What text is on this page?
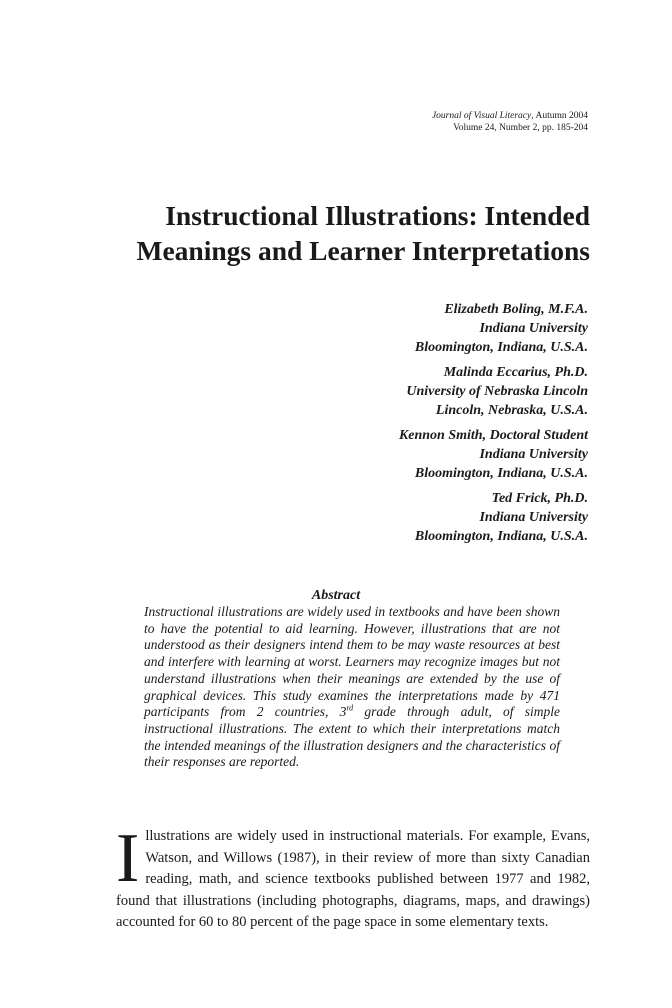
Journal of Visual Literacy, Autumn 2004
Volume 24, Number 2, pp. 185-204
Instructional Illustrations: Intended
Meanings and Learner Interpretations
Elizabeth Boling, M.F.A.
Indiana University
Bloomington, Indiana, U.S.A.
Malinda Eccarius, Ph.D.
University of Nebraska Lincoln
Lincoln, Nebraska, U.S.A.
Kennon Smith, Doctoral Student
Indiana University
Bloomington, Indiana, U.S.A.
Ted Frick, Ph.D.
Indiana University
Bloomington, Indiana, U.S.A.
Abstract

Instructional illustrations are widely used in textbooks and have been shown to have the potential to aid learning. However, illustrations that are not understood as their designers intend them to be may waste resources at best and interfere with learning at worst. Learners may recognize images but not understand illustrations when their meanings are extended by the use of graphical devices. This study examines the interpretations made by 471 participants from 2 countries, 3rd grade through adult, of simple instructional illustrations. The extent to which their interpretations match the intended meanings of the illustration designers and the characteristics of their responses are reported.

Illustrations are widely used in instructional materials. For example, Evans, Watson, and Willows (1987), in their review of more than sixty Canadian reading, math, and science textbooks published between 1977 and 1982, found that illustrations (including photographs, diagrams, maps, and drawings) accounted for 60 to 80 percent of the page space in some elementary texts.
